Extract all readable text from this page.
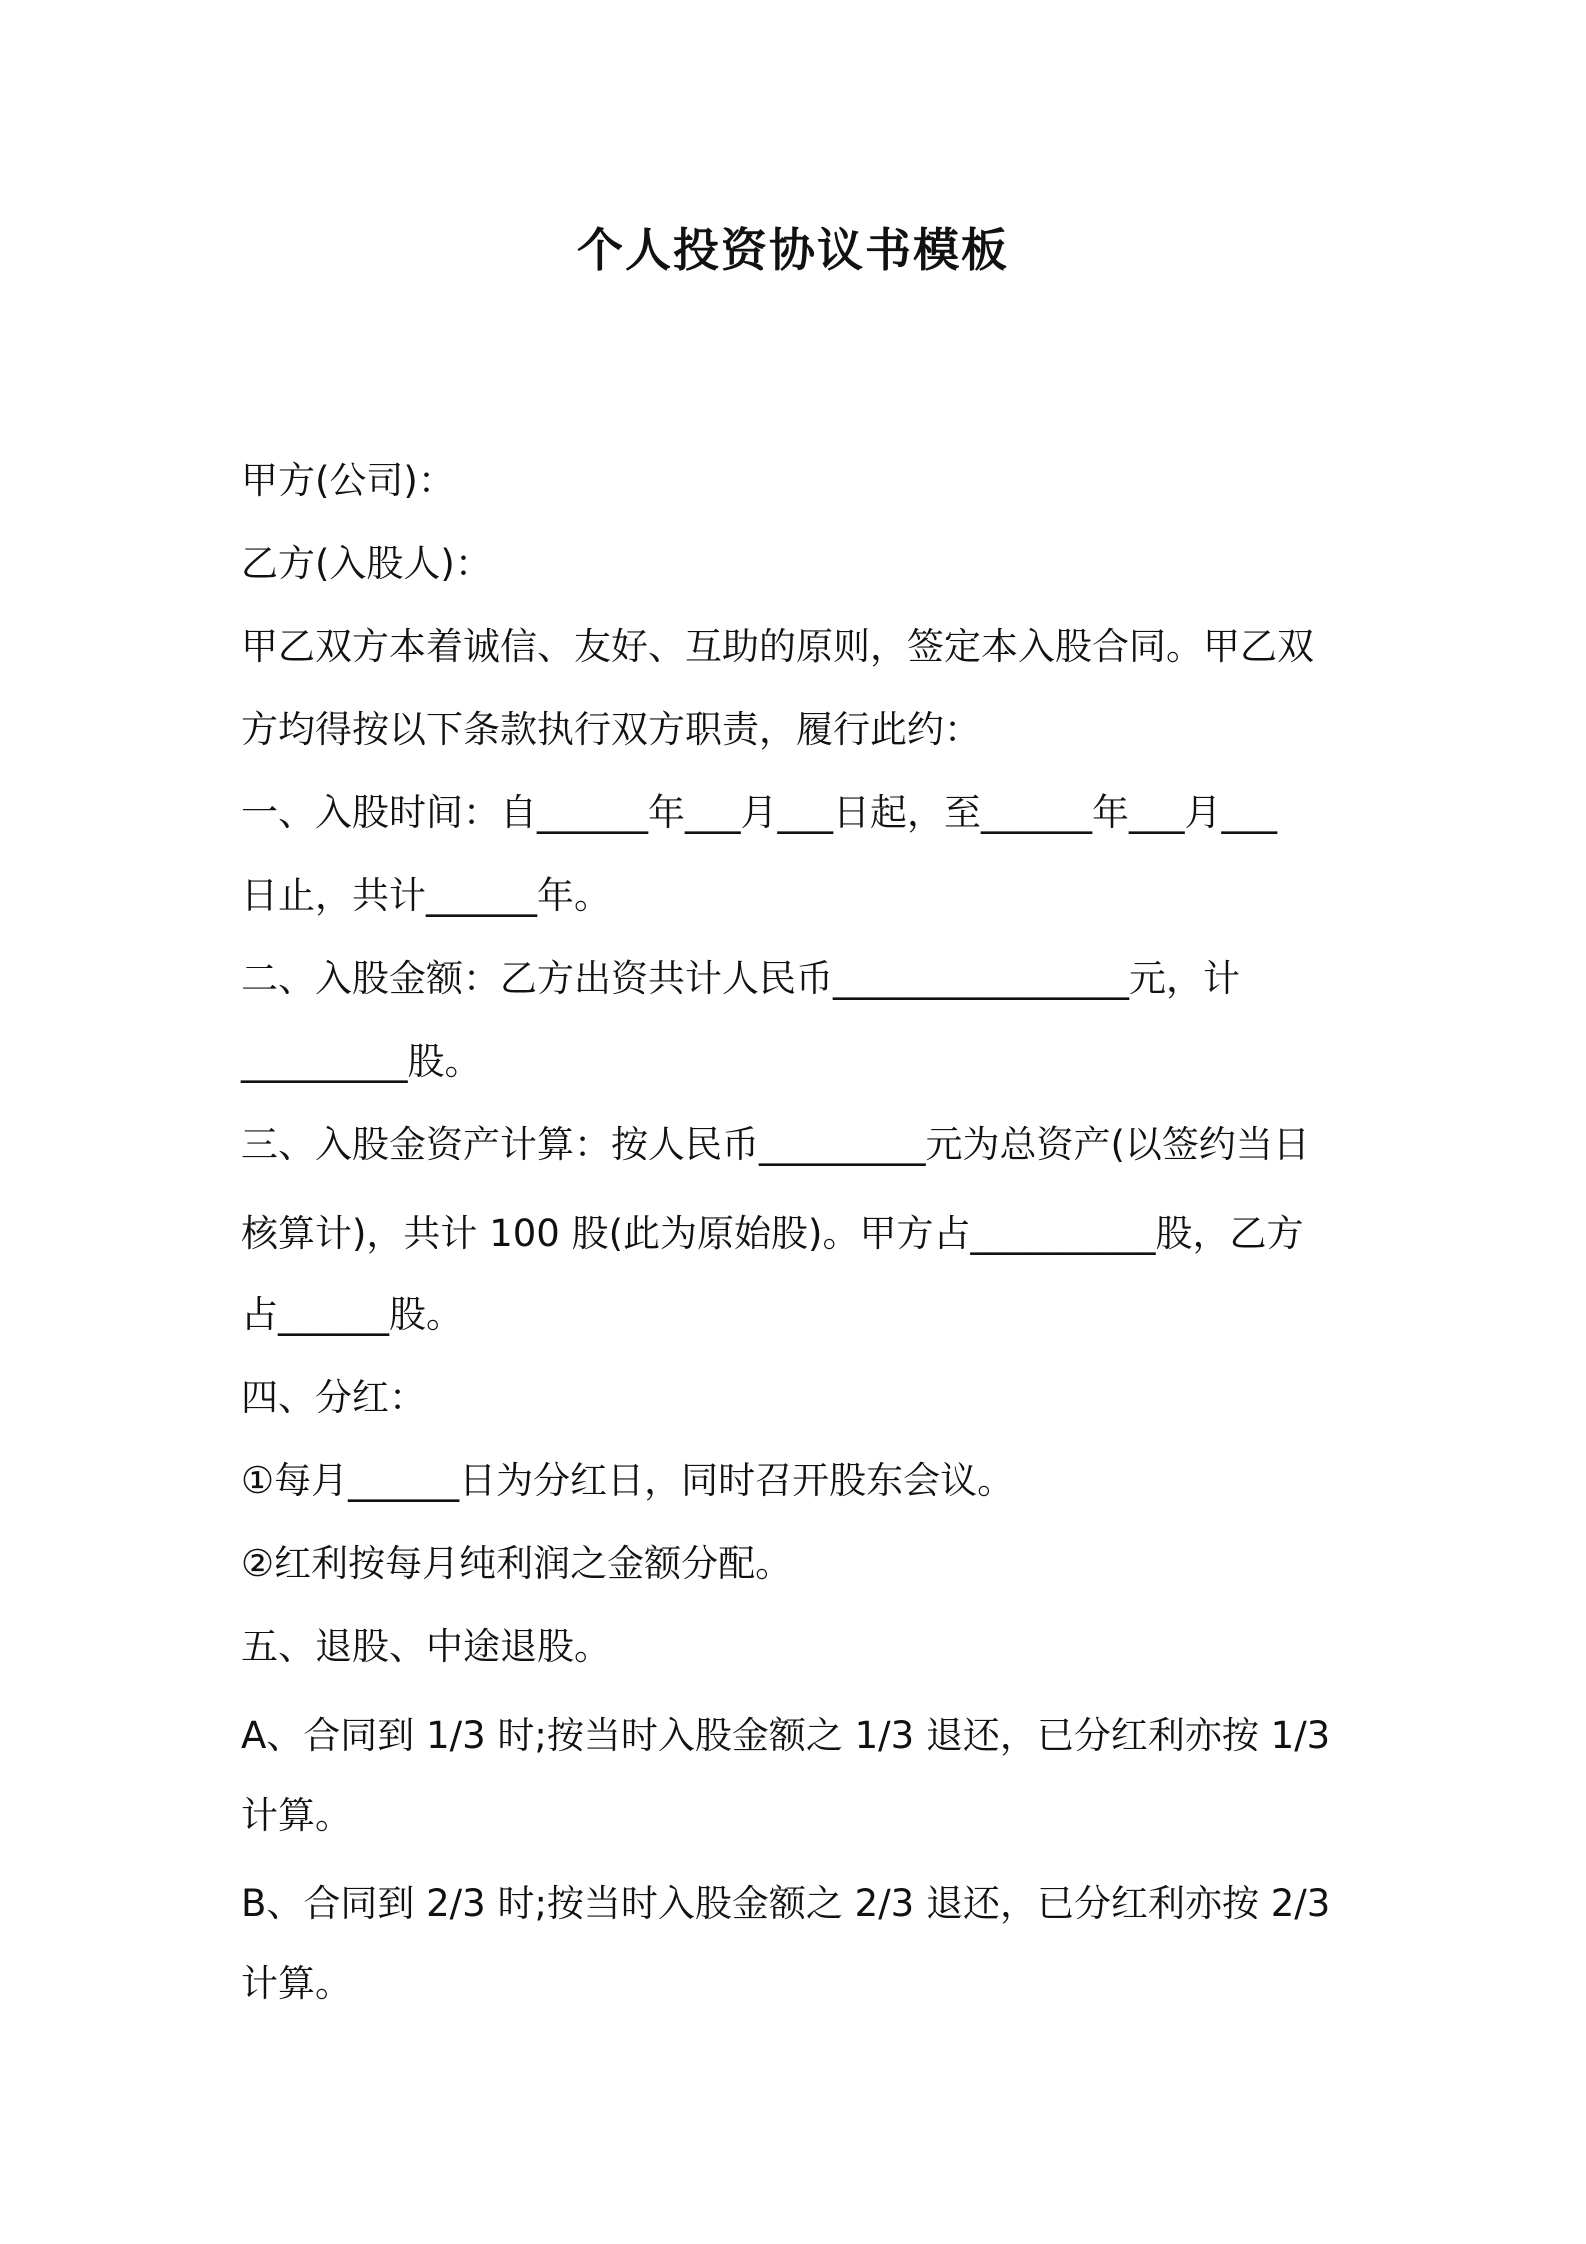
个人投资协议书模板
甲方(公司)：
乙方(入股人)：
甲乙双方本着诚信、友好、互助的原则，签定本入股合同。甲乙双
方均得按以下条款执行双方职责，履行此约：
一、入股时间：自______年___月___日起，至______年___月___
日止，共计______年。
二、入股金额：乙方出资共计人民币________________元，计
_________股。
三、入股金资产计算：按人民币_________元为总资产(以签约当日
核算计)，共计 100 股(此为原始股)。甲方占__________股，乙方
占______股。
四、分红：
①每月______日为分红日，同时召开股东会议。
②红利按每月纯利润之金额分配。
五、退股、中途退股。
A、合同到 1/3 时;按当时入股金额之 1/3 退还，已分红利亦按 1/3
计算。
B、合同到 2/3 时;按当时入股金额之 2/3 退还，已分红利亦按 2/3
计算。
